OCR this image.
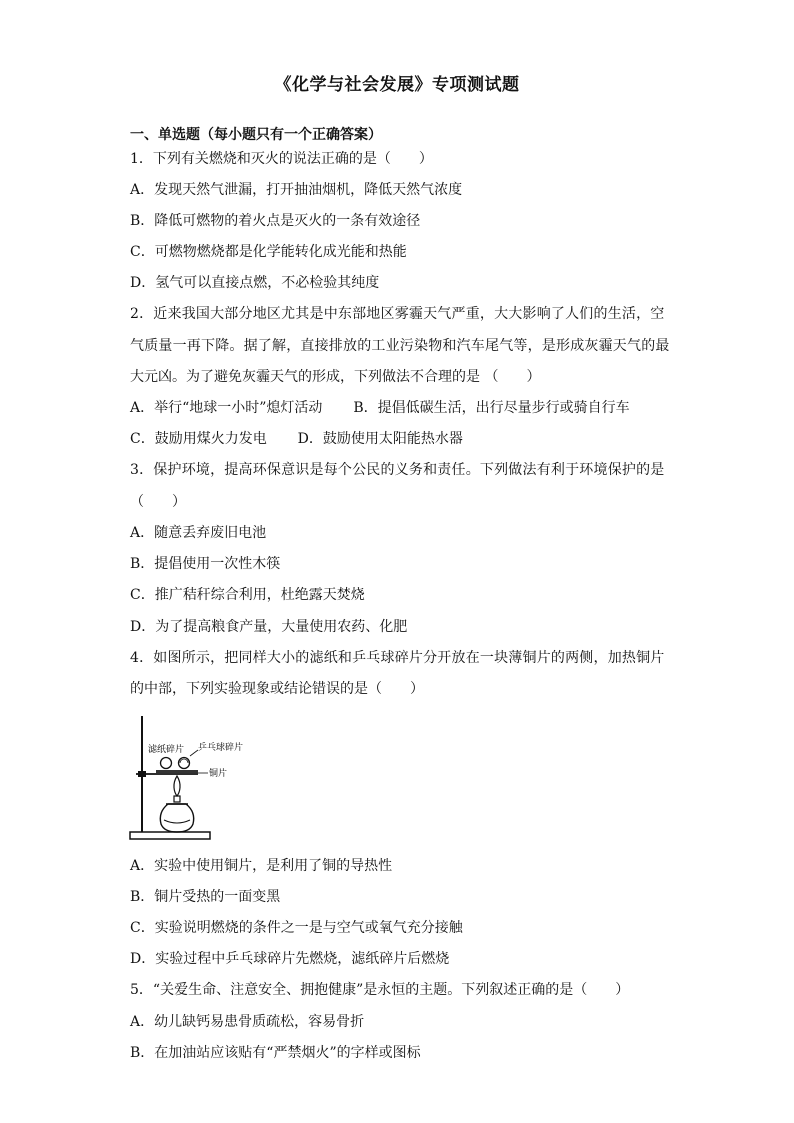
《化学与社会发展》专项测试题
一、单选题（每小题只有一个正确答案）
1．下列有关燃烧和灭火的说法正确的是（　　）
A．发现天然气泄漏，打开抽油烟机，降低天然气浓度
B．降低可燃物的着火点是灭火的一条有效途径
C．可燃物燃烧都是化学能转化成光能和热能
D．氢气可以直接点燃，不必检验其纯度
2．近来我国大部分地区尤其是中东部地区雾霾天气严重，大大影响了人们的生活，空
气质量一再下降。据了解，直接排放的工业污染物和汽车尾气等，是形成灰霾天气的最
大元凶。为了避免灰霾天气的形成，下列做法不合理的是 （　　）
A．举行“地球一小时”熄灯活动 B．提倡低碳生活，出行尽量步行或骑自行车
C．鼓励用煤火力发电 D．鼓励使用太阳能热水器
3．保护环境，提高环保意识是每个公民的义务和责任。下列做法有利于环境保护的是
（　　）
A．随意丢弃废旧电池
B．提倡使用一次性木筷
C．推广秸秆综合利用，杜绝露天焚烧
D．为了提高粮食产量，大量使用农药、化肥
4．如图所示，把同样大小的滤纸和乒乓球碎片分开放在一块薄铜片的两侧，加热铜片
的中部，下列实验现象或结论错误的是（　　）
滤纸碎片 乒乓球碎片
铜片
A．实验中使用铜片，是利用了铜的导热性
B．铜片受热的一面变黑
C．实验说明燃烧的条件之一是与空气或氧气充分接触
D．实验过程中乒乓球碎片先燃烧，滤纸碎片后燃烧
5．“关爱生命、注意安全、拥抱健康”是永恒的主题。下列叙述正确的是（　　）
A．幼儿缺钙易患骨质疏松，容易骨折
B．在加油站应该贴有“严禁烟火”的字样或图标
